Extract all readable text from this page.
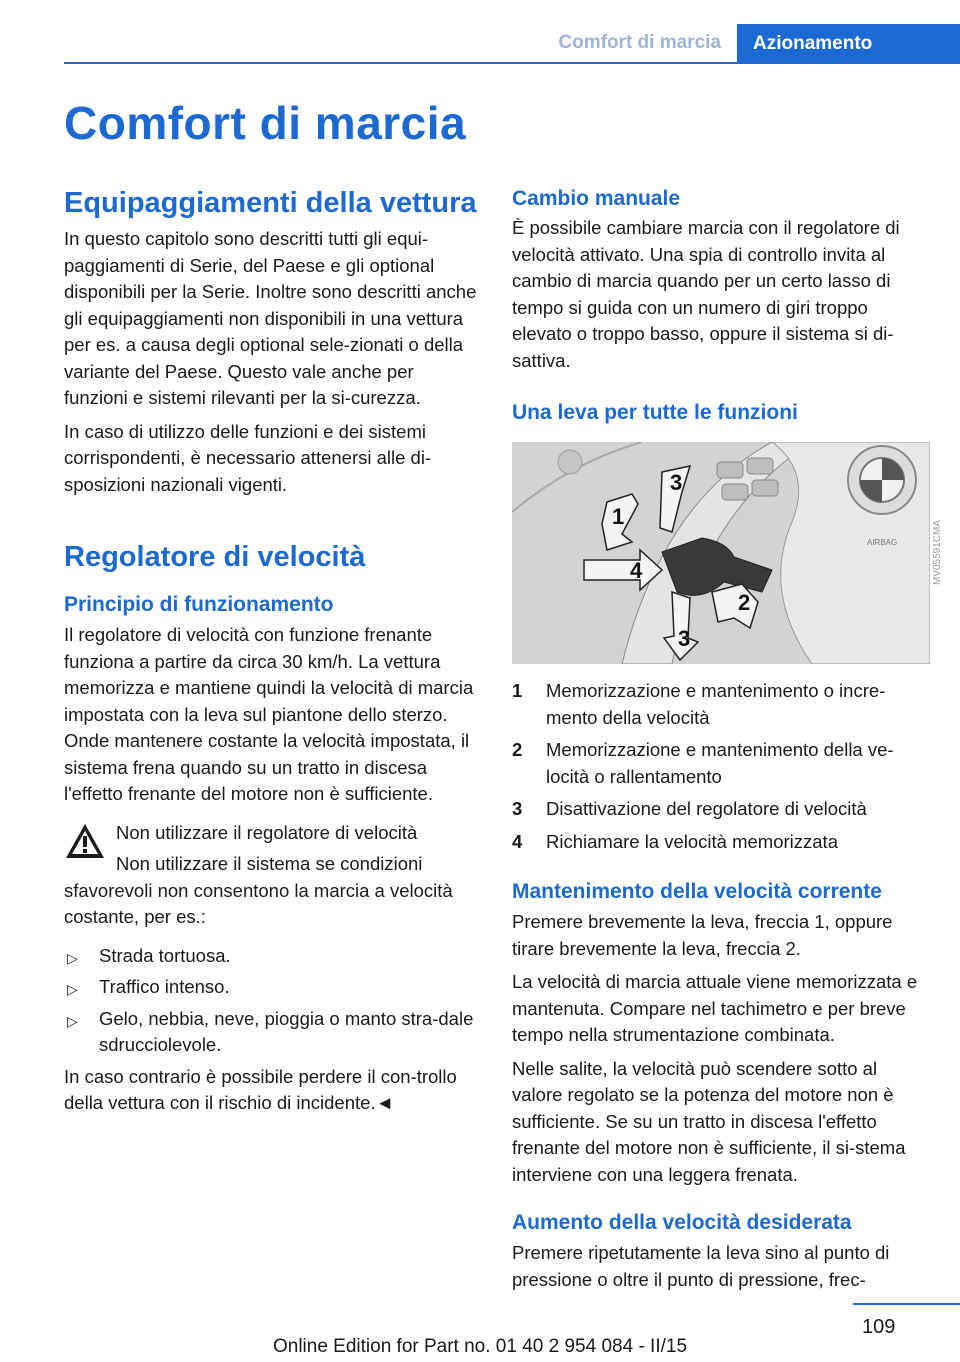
Comfort di marcia	Azionamento
Comfort di marcia
Equipaggiamenti della vettura
In questo capitolo sono descritti tutti gli equi-paggiamenti di Serie, del Paese e gli optional disponibili per la Serie. Inoltre sono descritti anche gli equipaggiamenti non disponibili in una vettura per es. a causa degli optional sele-zionati o della variante del Paese. Questo vale anche per funzioni e sistemi rilevanti per la si-curezza.
In caso di utilizzo delle funzioni e dei sistemi corrispondenti, è necessario attenersi alle di-sposizioni nazionali vigenti.
Regolatore di velocità
Principio di funzionamento
Il regolatore di velocità con funzione frenante funziona a partire da circa 30 km/h. La vettura memorizza e mantiene quindi la velocità di marcia impostata con la leva sul piantone dello sterzo. Onde mantenere costante la velocità impostata, il sistema frena quando su un tratto in discesa l'effetto frenante del motore non è sufficiente.
Non utilizzare il regolatore di velocità
Non utilizzare il sistema se condizioni sfavorevoli non consentono la marcia a velocità costante, per es.:
▷ Strada tortuosa.
▷ Traffico intenso.
▷ Gelo, nebbia, neve, pioggia o manto stra-dale sdrucciolevole.
In caso contrario è possibile perdere il con-trollo della vettura con il rischio di incidente.◄
Cambio manuale
È possibile cambiare marcia con il regolatore di velocità attivato. Una spia di controllo invita al cambio di marcia quando per un certo lasso di tempo si guida con un numero di giri troppo elevato o troppo basso, oppure il sistema si di-sattiva.
Una leva per tutte le funzioni
AIRBAG
1
2
3
3
4
1	Memorizzazione e mantenimento o incre-mento della velocità
2	Memorizzazione e mantenimento della ve-locità o rallentamento
3	Disattivazione del regolatore di velocità
4	Richiamare la velocità memorizzata
Mantenimento della velocità corrente
Premere brevemente la leva, freccia 1, oppure tirare brevemente la leva, freccia 2.
La velocità di marcia attuale viene memorizzata e mantenuta. Compare nel tachimetro e per breve tempo nella strumentazione combinata.
Nelle salite, la velocità può scendere sotto al valore regolato se la potenza del motore non è sufficiente. Se su un tratto in discesa l'effetto frenante del motore non è sufficiente, il si-stema interviene con una leggera frenata.
Aumento della velocità desiderata
Premere ripetutamente la leva sino al punto di pressione o oltre il punto di pressione, frec-
MV05591CMA
109
Online Edition for Part no. 01 40 2 954 084 - II/15
